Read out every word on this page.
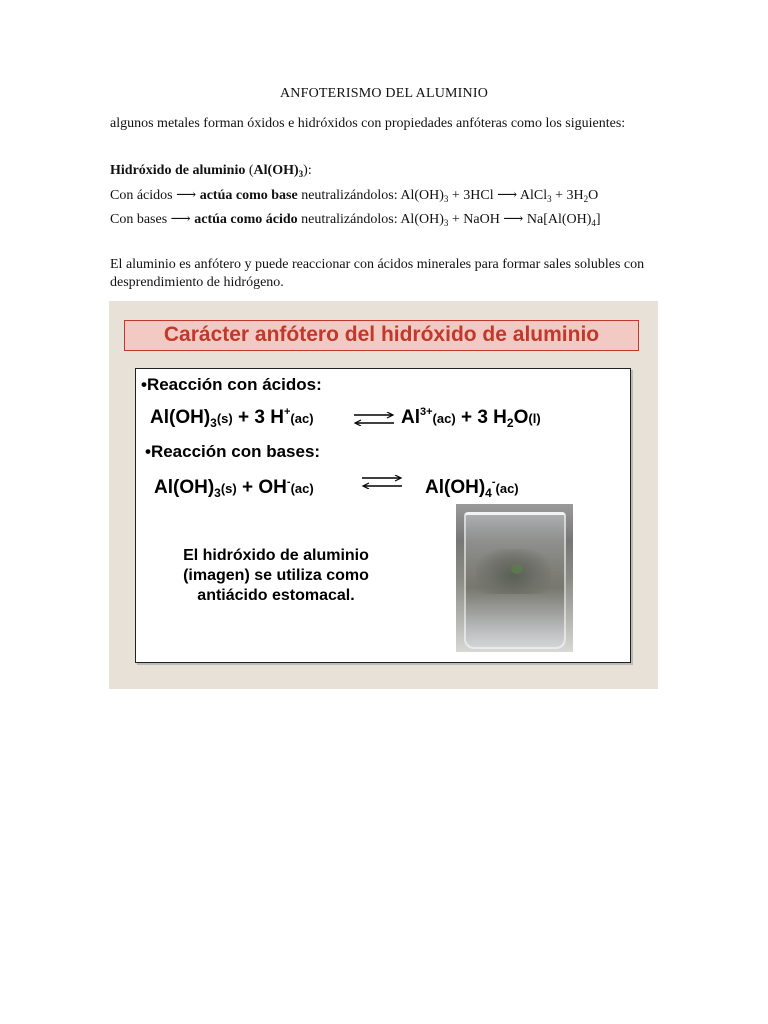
ANFOTERISMO DEL ALUMINIO
algunos metales forman óxidos e hidróxidos con propiedades anfóteras como los siguientes:
Hidróxido de aluminio $(Al(OH)_3)$:
Con ácidos ⟶ actúa como base neutralizándolos: $Al(OH)_3 + 3HCl$ ⟶ AlCl$_3$ + $3H_2O$
Con bases ⟶ actúa como ácido neutralizándolos: $Al(OH)_3$ + NaOH ⟶ $Na[Al(OH)_4]$
El aluminio es anfótero y puede reaccionar con ácidos minerales para formar sales solubles con desprendimiento de hidrógeno.
Carácter anfótero del hidróxido de aluminio
•Reacción con ácidos:
$Al(OH)_3(s) + 3$ H+(ac) ⇌ $Al^{3+}(ac) + 3$ $H_2O(l)$
•Reacción con bases:
$Al(OH)_3(s) + OH^-(ac)$	$Al(OH)_4^-(ac)$
El hidróxido de aluminio
(imagen) se utiliza como
antiácido estomacal.
